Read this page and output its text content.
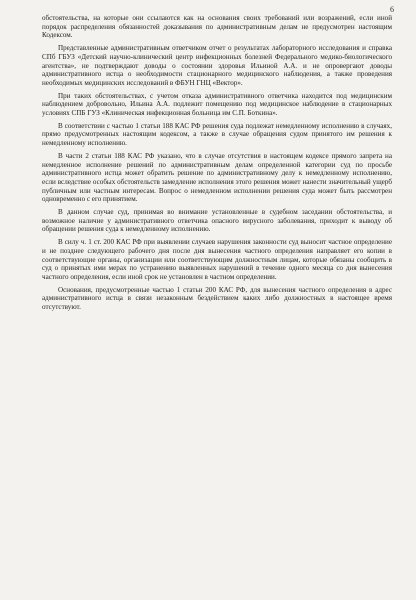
6

обстоятельства, на которые они ссылаются как на основания своих требований или возражений, если иной порядок распределения обязанностей доказывания по административным делам не предусмотрен настоящим Кодексом.

Представленные административным ответчиком отчет о результатах лабораторного исследования и справка СПб ГБУЗ «Детский научно-клинический центр инфекционных болезней Федерального медико-биологического агентства», не подтверждают доводы о состоянии здоровья Ильиной А.А. и не опровергают доводы административного истца о необходимости стационарного медицинского наблюдения, а также проведения необходимых медицинских исследований в ФБУН ГНЦ «Вектор».

При таких обстоятельствах, с учетом отказа административного ответчика находится под медицинским наблюдением добровольно, Ильина А.А. подлежит помещению под медицинское наблюдение в стационарных условиях СПБ ГУЗ «Клиническая инфекционная больница им С.П. Боткина».

В соответствии с частью 1 статьи 188 КАС РФ решения суда подлежат немедленному исполнению в случаях, прямо предусмотренных настоящим кодексом, а также в случае обращения судом принятого им решения к немедленному исполнению.

В части 2 статьи 188 КАС РФ указано, что в случае отсутствия в настоящем кодексе прямого запрета на немедленное исполнение решений по административным делам определенной категории суд по просьбе административного истца может обратить решение по административному делу к немедленному исполнению, если вследствие особых обстоятельств замедление исполнения этого решения может нанести значительный ущерб публичным или частным интересам. Вопрос о немедленном исполнении решения суда может быть рассмотрен одновременно с его принятием.

В данном случае суд, принимая во внимание установленные в судебном заседании обстоятельства, и возможное наличие у административного ответчика опасного вирусного заболевания, приходит к выводу об обращении решения суда к немедленному исполнению.

В силу ч. 1 ст. 200 КАС РФ при выявлении случаев нарушения законности суд выносит частное определение и не позднее следующего рабочего дня после дня вынесения частного определения направляет его копии в соответствующие органы, организации или соответствующим должностным лицам, которые обязаны сообщить в суд о принятых ими мерах по устранению выявленных нарушений в течение одного месяца со дня вынесения частного определения, если иной срок не установлен в частном определении.

Основания, предусмотренные частью 1 статьи 200 КАС РФ, для вынесения частного определения в адрес административного истца в связи незаконным бездействием каких либо должностных в настоящее время отсутствуют.
